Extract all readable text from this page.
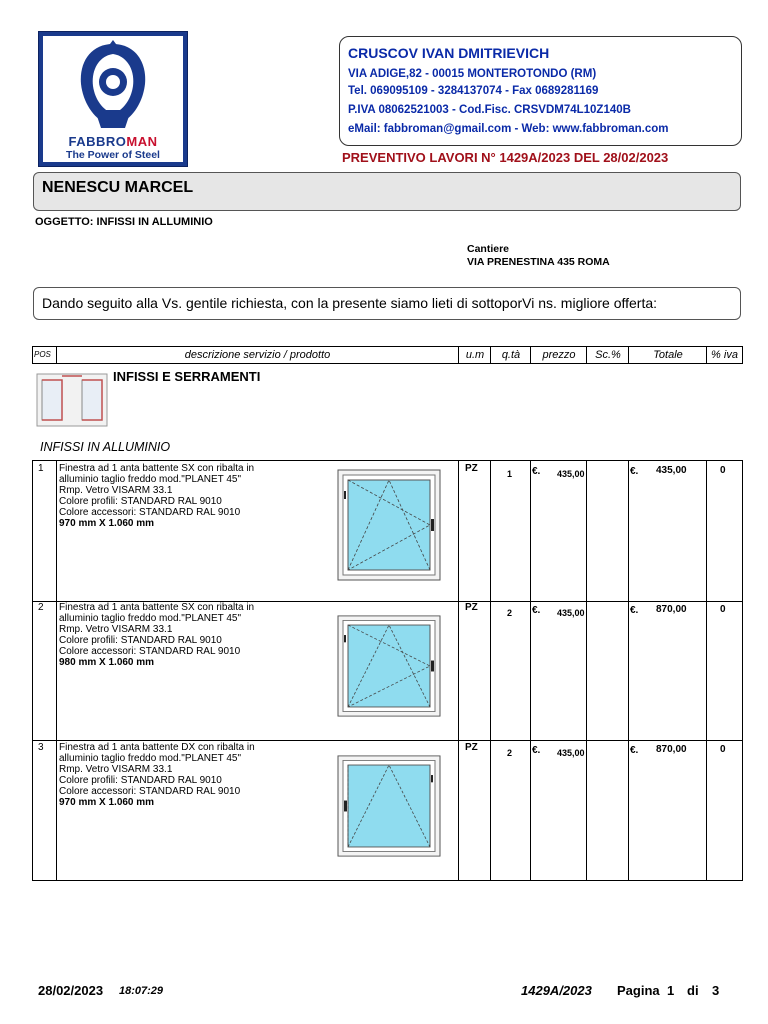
FABBROMAN
The Power of Steel
CRUSCOV IVAN DMITRIEVICH
VIA ADIGE,82 - 00015 MONTEROTONDO (RM)
Tel. 069095109 - 3284137074 - Fax 0689281169
P.IVA 08062521003 - Cod.Fisc. CRSVDM74L10Z140B
eMail: fabbroman@gmail.com - Web: www.fabbroman.com
PREVENTIVO LAVORI N° 1429A/2023 DEL 28/02/2023
NENESCU MARCEL
OGGETTO: INFISSI IN ALLUMINIO
Cantiere
VIA PRENESTINA 435 ROMA
Dando seguito alla Vs. gentile richiesta, con la presente siamo lieti di sottoporVi ns. migliore offerta:
POS	descrizione servizio / prodotto	u.m	q.tà	prezzo	Sc.%	Totale	% iva
INFISSI E SERRAMENTI
INFISSI IN ALLUMINIO
1 Finestra ad 1 anta battente SX con ribalta in
alluminio taglio freddo mod."PLANET 45"
Rmp. Vetro VISARM 33.1
Colore profili: STANDARD RAL 9010
Colore accessori: STANDARD RAL 9010
970 mm X 1.060 mm
PZ	1 €. 435,00	€. 435,00	0
2 Finestra ad 1 anta battente SX con ribalta in
alluminio taglio freddo mod."PLANET 45"
Rmp. Vetro VISARM 33.1
Colore profili: STANDARD RAL 9010
Colore accessori: STANDARD RAL 9010
980 mm X 1.060 mm
PZ	2 €. 435,00	€. 870,00	0
3 Finestra ad 1 anta battente DX con ribalta in
alluminio taglio freddo mod."PLANET 45"
Rmp. Vetro VISARM 33.1
Colore profili: STANDARD RAL 9010
Colore accessori: STANDARD RAL 9010
970 mm X 1.060 mm
PZ	2 €. 435,00	€. 870,00	0
28/02/2023 18:07:29	1429A/2023 Pagina 1 di 3
